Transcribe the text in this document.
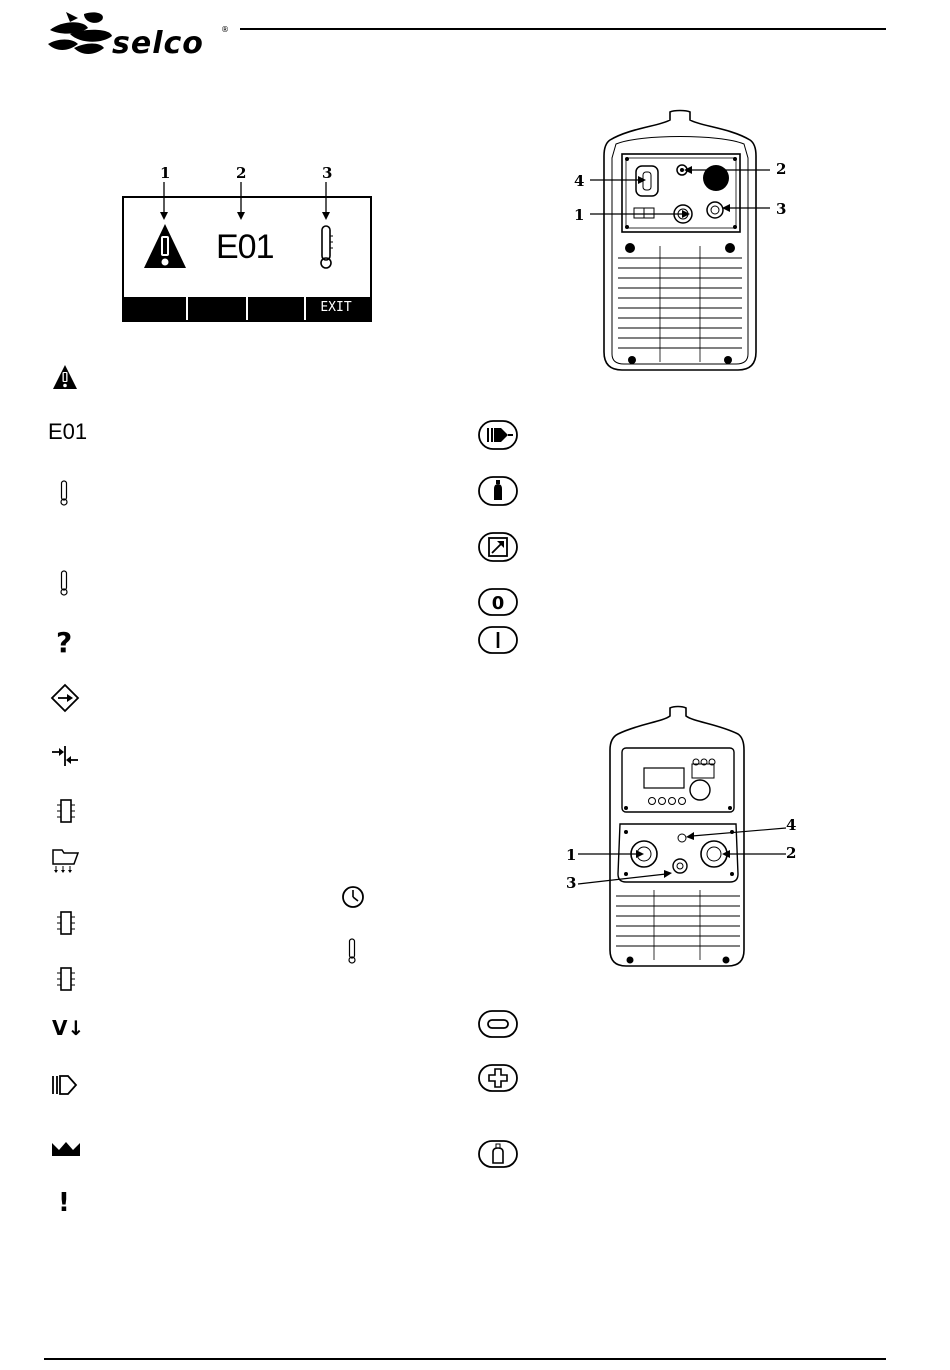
selco ®
1	2	3
E01
EXIT
E01
?
V↓
!
4
2
3
1
0
4
1	2
3
